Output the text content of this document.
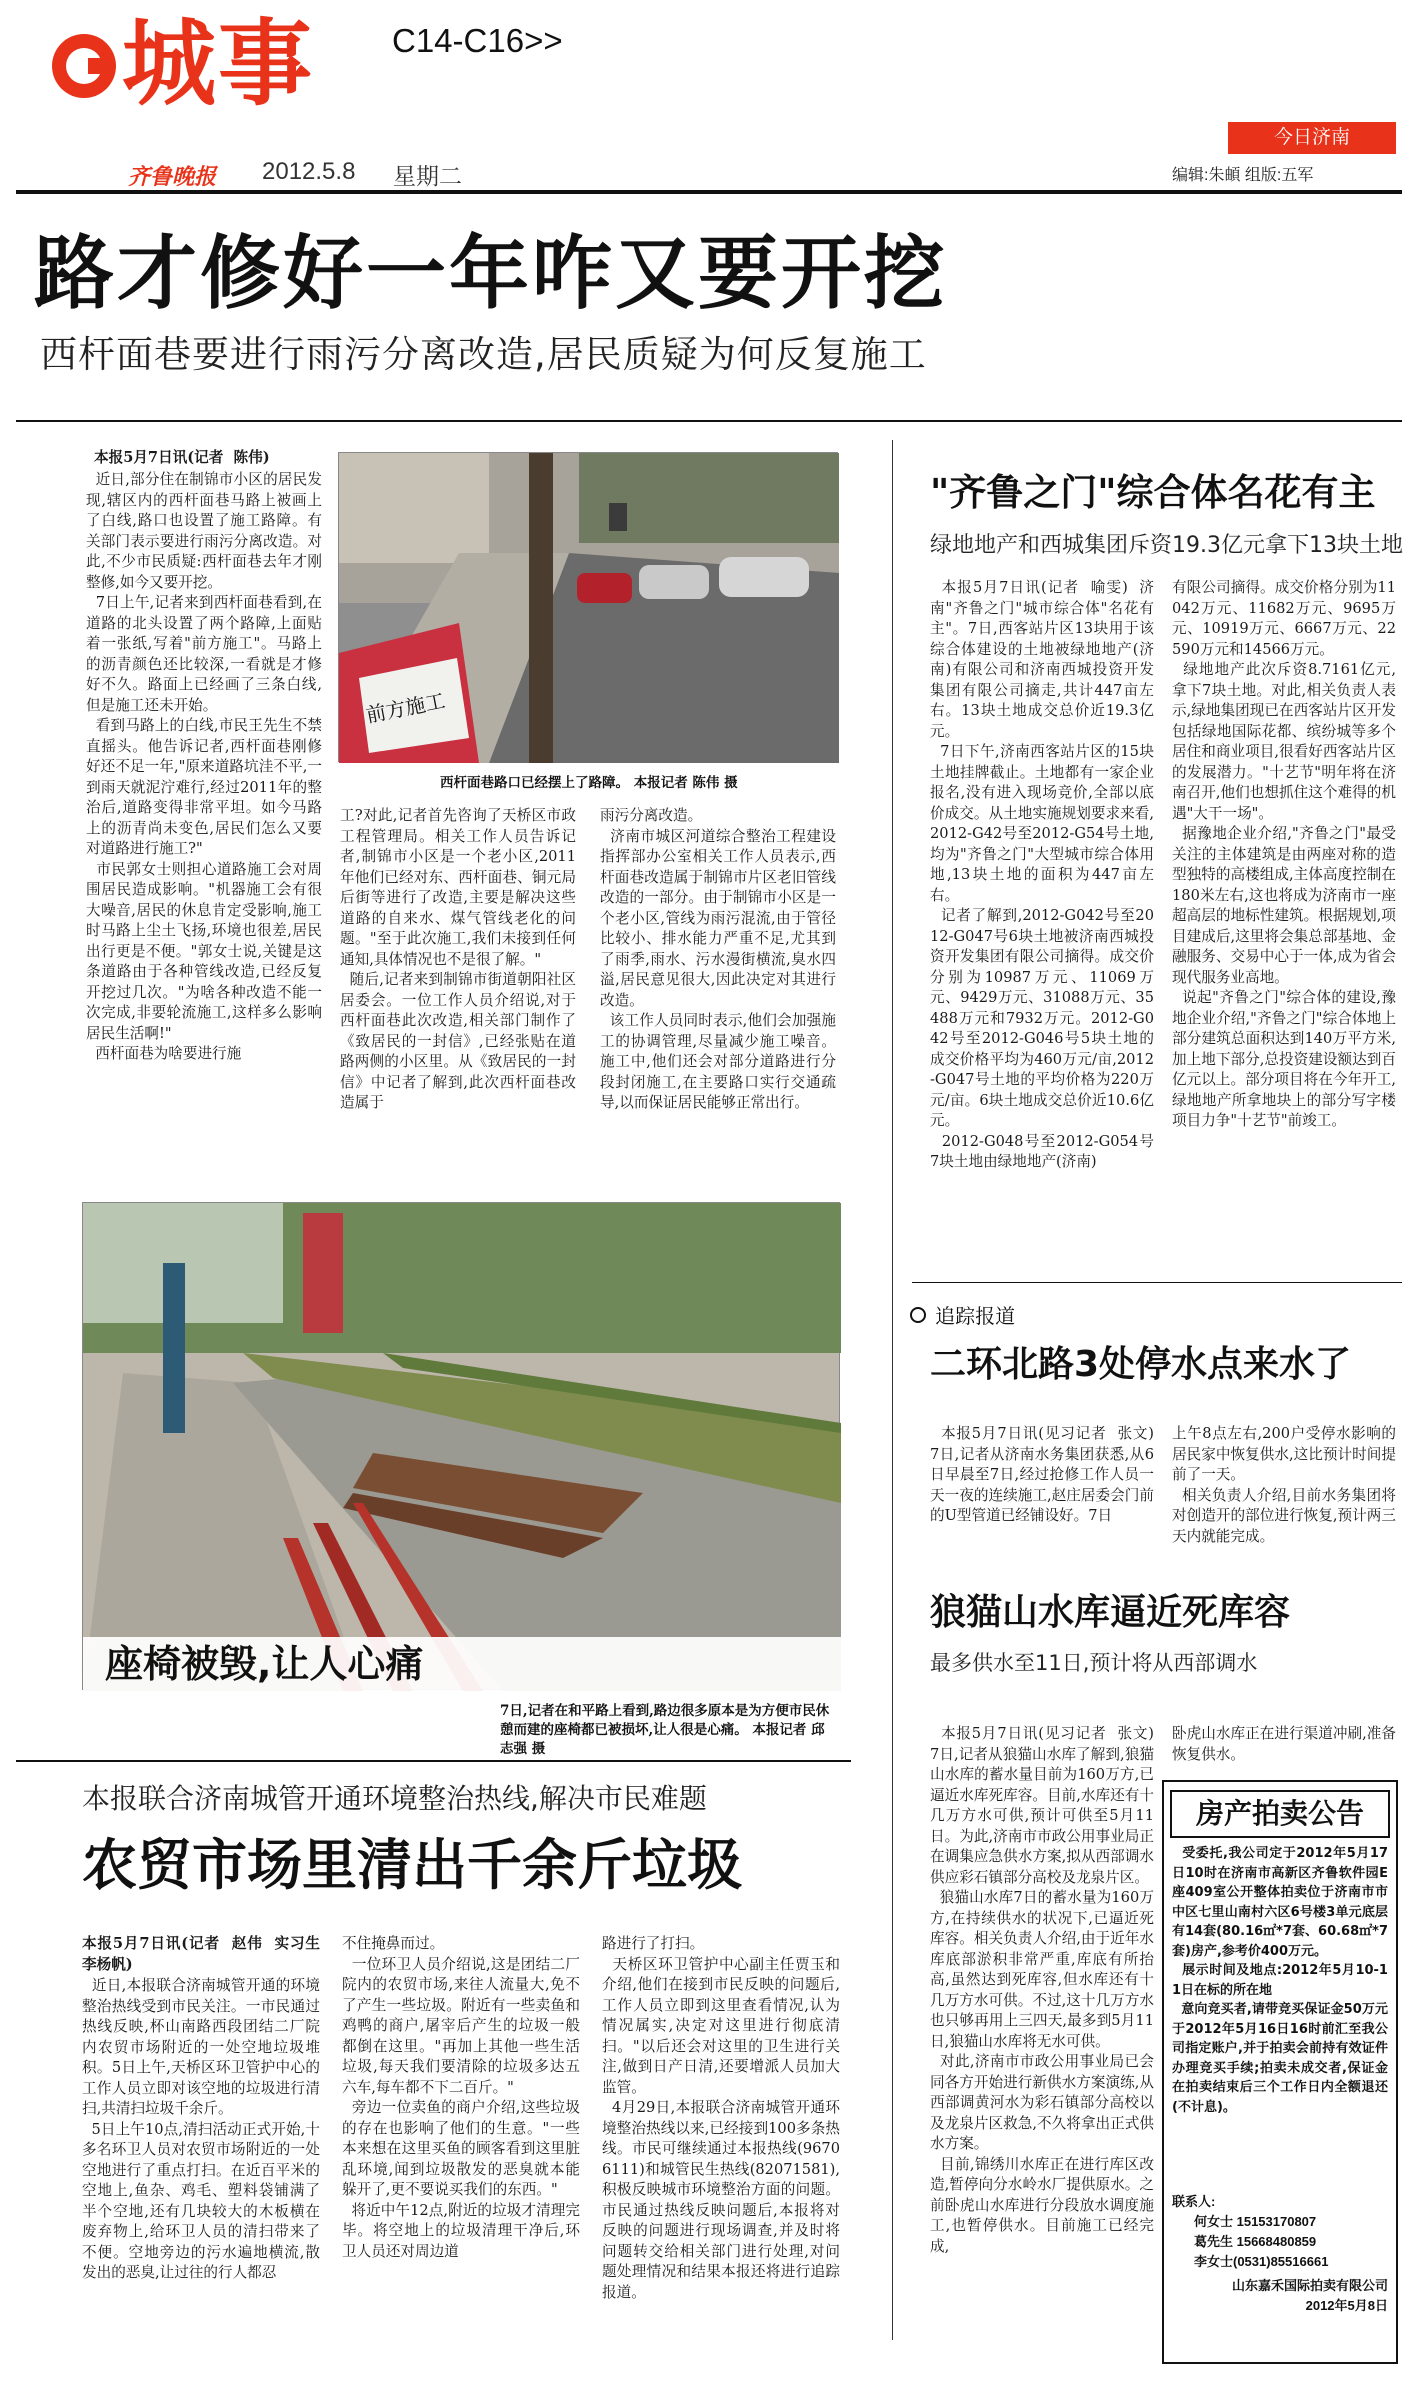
城事 C14-C16>>
今日济南
齐鲁晚报 2012.5.8 星期二	编辑:朱頔 组版:五军
路才修好一年咋又要开挖
西杆面巷要进行雨污分离改造,居民质疑为何反复施工
本报5月7日讯(记者  陈伟)
近日,部分住在制锦市小区的居民发现,辖区内的西杆面巷马路上被画上了白线,路口也设置了施工路障。有关部门表示要进行雨污分离改造。对此,不少市民质疑:西杆面巷去年才刚整修,如今又要开挖。
7日上午,记者来到西杆面巷看到,在道路的北头设置了两个路障,上面贴着一张纸,写着"前方施工"。马路上的沥青颜色还比较深,一看就是才修好不久。路面上已经画了三条白线,但是施工还未开始。
看到马路上的白线,市民王先生不禁直摇头。他告诉记者,西杆面巷刚修好还不足一年,"原来道路坑洼不平,一到雨天就泥泞难行,经过2011年的整治后,道路变得非常平坦。如今马路上的沥青尚未变色,居民们怎么又要对道路进行施工?"
市民郭女士则担心道路施工会对周围居民造成影响。"机器施工会有很大噪音,居民的休息肯定受影响,施工时马路上尘土飞扬,环境也很差,居民出行更是不便。"郭女士说,关键是这条道路由于各种管线改造,已经反复开挖过几次。"为啥各种改造不能一次完成,非要轮流施工,这样多么影响居民生活啊!"
西杆面巷为啥要进行施
前方施工
西杆面巷路口已经摆上了路障。 本报记者 陈伟 摄
工?对此,记者首先咨询了天桥区市政工程管理局。相关工作人员告诉记者,制锦市小区是一个老小区,2011年他们已经对东、西杆面巷、铜元局后街等进行了改造,主要是解决这些道路的自来水、煤气管线老化的问题。"至于此次施工,我们未接到任何通知,具体情况也不是很了解。"
随后,记者来到制锦市街道朝阳社区居委会。一位工作人员介绍说,对于西杆面巷此次改造,相关部门制作了《致居民的一封信》,已经张贴在道路两侧的小区里。从《致居民的一封信》中记者了解到,此次西杆面巷改造属于
雨污分离改造。
济南市城区河道综合整治工程建设指挥部办公室相关工作人员表示,西杆面巷改造属于制锦市片区老旧管线改造的一部分。由于制锦市小区是一个老小区,管线为雨污混流,由于管径比较小、排水能力严重不足,尤其到了雨季,雨水、污水漫街横流,臭水四溢,居民意见很大,因此决定对其进行改造。
该工作人员同时表示,他们会加强施工的协调管理,尽量减少施工噪音。施工中,他们还会对部分道路进行分段封闭施工,在主要路口实行交通疏导,以而保证居民能够正常出行。
座椅被毁,让人心痛
7日,记者在和平路上看到,路边很多原本是为方便市民休憩而建的座椅都已被损坏,让人很是心痛。 本报记者 邱志强 摄
本报联合济南城管开通环境整治热线,解决市民难题
农贸市场里清出千余斤垃圾
本报5月7日讯(记者  赵伟  实习生  李杨帆)
近日,本报联合济南城管开通的环境整治热线受到市民关注。一市民通过热线反映,杯山南路西段团结二厂院内农贸市场附近的一处空地垃圾堆积。5日上午,天桥区环卫管护中心的工作人员立即对该空地的垃圾进行清扫,共清扫垃圾千余斤。
5日上午10点,清扫活动正式开始,十多名环卫人员对农贸市场附近的一处空地进行了重点打扫。在近百平米的空地上,鱼杂、鸡毛、塑料袋铺满了半个空地,还有几块较大的木板横在废弃物上,给环卫人员的清扫带来了不便。空地旁边的污水遍地横流,散发出的恶臭,让过往的行人都忍
不住掩鼻而过。
一位环卫人员介绍说,这是团结二厂院内的农贸市场,来往人流量大,免不了产生一些垃圾。附近有一些卖鱼和鸡鸭的商户,屠宰后产生的垃圾一般都倒在这里。"再加上其他一些生活垃圾,每天我们要清除的垃圾多达五六车,每车都不下二百斤。"
旁边一位卖鱼的商户介绍,这些垃圾的存在也影响了他们的生意。"一些本来想在这里买鱼的顾客看到这里脏乱环境,闻到垃圾散发的恶臭就本能躲开了,更不要说买我们的东西。"
将近中午12点,附近的垃圾才清理完毕。将空地上的垃圾清理干净后,环卫人员还对周边道
路进行了打扫。
天桥区环卫管护中心副主任贾玉和介绍,他们在接到市民反映的问题后,工作人员立即到这里查看情况,认为情况属实,决定对这里进行彻底清扫。"以后还会对这里的卫生进行关注,做到日产日清,还要增派人员加大监管。
4月29日,本报联合济南城管开通环境整治热线以来,已经接到100多条热线。市民可继续通过本报热线(96706111)和城管民生热线(82071581),积极反映城市环境整治方面的问题。市民通过热线反映问题后,本报将对反映的问题进行现场调查,并及时将问题转交给相关部门进行处理,对问题处理情况和结果本报还将进行追踪报道。
"齐鲁之门"综合体名花有主
绿地地产和西城集团斥资19.3亿元拿下13块土地
本报5月7日讯(记者  喻雯)  济南"齐鲁之门"城市综合体"名花有主"。7日,西客站片区13块用于该综合体建设的土地被绿地地产(济南)有限公司和济南西城投资开发集团有限公司摘走,共计447亩左右。13块土地成交总价近19.3亿元。
7日下午,济南西客站片区的15块土地挂牌截止。土地都有一家企业报名,没有进入现场竞价,全部以底价成交。从土地实施规划要求来看,2012-G42号至2012-G54号土地,均为"齐鲁之门"大型城市综合体用地,13块土地的面积为447亩左右。
记者了解到,2012-G042号至2012-G047号6块土地被济南西城投资开发集团有限公司摘得。成交价分别为10987万元、11069万元、9429万元、31088万元、35488万元和7932万元。2012-G042号至2012-G046号5块土地的成交价格平均为460万元/亩,2012-G047号土地的平均价格为220万元/亩。6块土地成交总价近10.6亿元。
2012-G048号至2012-G054号7块土地由绿地地产(济南)
有限公司摘得。成交价格分别为11042万元、11682万元、9695万元、10919万元、6667万元、22590万元和14566万元。
绿地地产此次斥资8.7161亿元,拿下7块土地。对此,相关负责人表示,绿地集团现已在西客站片区开发包括绿地国际花都、缤纷城等多个居住和商业项目,很看好西客站片区的发展潜力。"十艺节"明年将在济南召开,他们也想抓住这个难得的机遇"大干一场"。
据豫地企业介绍,"齐鲁之门"最受关注的主体建筑是由两座对称的造型独特的高楼组成,主体高度控制在180米左右,这也将成为济南市一座超高层的地标性建筑。根据规划,项目建成后,这里将会集总部基地、金融服务、交易中心于一体,成为省会现代服务业高地。
说起"齐鲁之门"综合体的建设,豫地企业介绍,"齐鲁之门"综合体地上部分建筑总面积达到140万平方米,加上地下部分,总投资建设额达到百亿元以上。部分项目将在今年开工,绿地地产所拿地块上的部分写字楼项目力争"十艺节"前竣工。
追踪报道
二环北路3处停水点来水了
本报5月7日讯(见习记者  张文)  7日,记者从济南水务集团获悉,从6日早晨至7日,经过抢修工作人员一天一夜的连续施工,赵庄居委会门前的U型管道已经铺设好。7日
上午8点左右,200户受停水影响的居民家中恢复供水,这比预计时间提前了一天。
相关负责人介绍,目前水务集团将对创造开的部位进行恢复,预计两三天内就能完成。
狼猫山水库逼近死库容
最多供水至11日,预计将从西部调水
本报5月7日讯(见习记者  张文)  7日,记者从狼猫山水库了解到,狼猫山水库的蓄水量目前为160万方,已逼近水库死库容。目前,水库还有十几万方水可供,预计可供至5月11日。为此,济南市市政公用事业局正在调集应急供水方案,拟从西部调水供应彩石镇部分高校及龙泉片区。
狼猫山水库7日的蓄水量为160万方,在持续供水的状况下,已逼近死库容。相关负责人介绍,由于近年水库底部淤积非常严重,库底有所抬高,虽然达到死库容,但水库还有十几万方水可供。不过,这十几万方水也只够再用上三四天,最多到5月11日,狼猫山水库将无水可供。
对此,济南市市政公用事业局已会同各方开始进行新供水方案演练,从西部调黄河水为彩石镇部分高校以及龙泉片区救急,不久将拿出正式供水方案。
目前,锦绣川水库正在进行库区改造,暂停向分水岭水厂提供原水。之前卧虎山水库进行分段放水调度施工,也暂停供水。目前施工已经完成,
卧虎山水库正在进行渠道冲刷,准备恢复供水。
房产拍卖公告
受委托,我公司定于2012年5月17日10时在济南市高新区齐鲁软件园E座409室公开整体拍卖位于济南市市中区七里山南村六区6号楼3单元底层有14套(80.16㎡*7套、60.68㎡*7套)房产,参考价400万元。
展示时间及地点:2012年5月10-11日在标的所在地
意向竞买者,请带竞买保证金50万元于2012年5月16日16时前汇至我公司指定账户,并于拍卖会前持有效证件办理竞买手续;拍卖未成交者,保证金在拍卖结束后三个工作日内全额退还(不计息)。
联系人:
何女士 15153170807
葛先生 15668480859
李女士(0531)85516661
山东嘉禾国际拍卖有限公司
2012年5月8日
